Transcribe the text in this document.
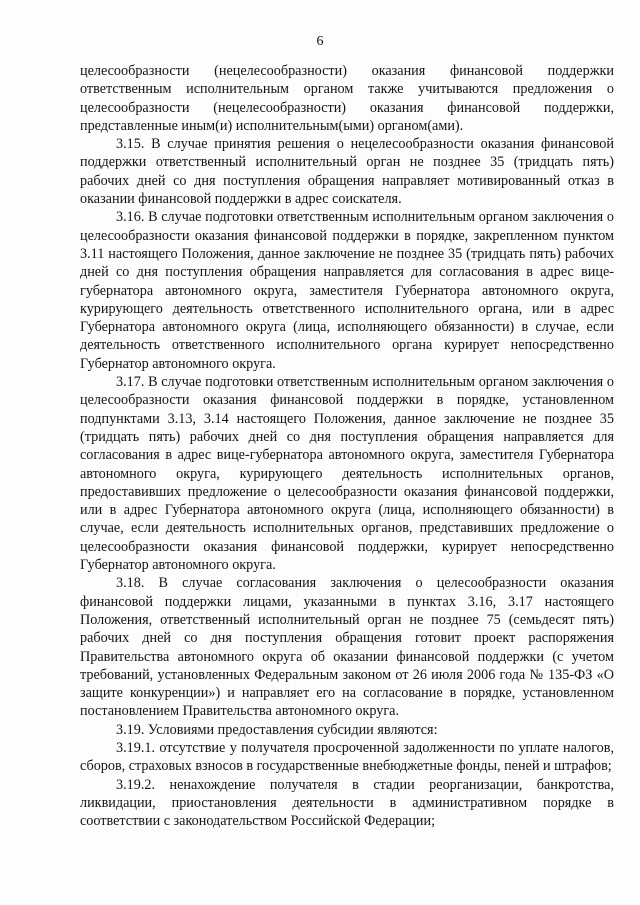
6

целесообразности (нецелесообразности) оказания финансовой поддержки ответственным исполнительным органом также учитываются предложения о целесообразности (нецелесообразности) оказания финансовой поддержки, представленные иным(и) исполнительным(ыми) органом(ами).

3.15. В случае принятия решения о нецелесообразности оказания финансовой поддержки ответственный исполнительный орган не позднее 35 (тридцать пять) рабочих дней со дня поступления обращения направляет мотивированный отказ в оказании финансовой поддержки в адрес соискателя.

3.16. В случае подготовки ответственным исполнительным органом заключения о целесообразности оказания финансовой поддержки в порядке, закрепленном пунктом 3.11 настоящего Положения, данное заключение не позднее 35 (тридцать пять) рабочих дней со дня поступления обращения направляется для согласования в адрес вице-губернатора автономного округа, заместителя Губернатора автономного округа, курирующего деятельность ответственного исполнительного органа, или в адрес Губернатора автономного округа (лица, исполняющего обязанности) в случае, если деятельность ответственного исполнительного органа курирует непосредственно Губернатор автономного округа.

3.17. В случае подготовки ответственным исполнительным органом заключения о целесообразности оказания финансовой поддержки в порядке, установленном подпунктами 3.13, 3.14 настоящего Положения, данное заключение не позднее 35 (тридцать пять) рабочих дней со дня поступления обращения направляется для согласования в адрес вице-губернатора автономного округа, заместителя Губернатора автономного округа, курирующего деятельность исполнительных органов, предоставивших предложение о целесообразности оказания финансовой поддержки, или в адрес Губернатора автономного округа (лица, исполняющего обязанности) в случае, если деятельность исполнительных органов, представивших предложение о целесообразности оказания финансовой поддержки, курирует непосредственно Губернатор автономного округа.

3.18. В случае согласования заключения о целесообразности оказания финансовой поддержки лицами, указанными в пунктах 3.16, 3.17 настоящего Положения, ответственный исполнительный орган не позднее 75 (семьдесят пять) рабочих дней со дня поступления обращения готовит проект распоряжения Правительства автономного округа об оказании финансовой поддержки (с учетом требований, установленных Федеральным законом от 26 июля 2006 года № 135-ФЗ «О защите конкуренции») и направляет его на согласование в порядке, установленном постановлением Правительства автономного округа.

3.19. Условиями предоставления субсидии являются:

3.19.1. отсутствие у получателя просроченной задолженности по уплате налогов, сборов, страховых взносов в государственные внебюджетные фонды, пеней и штрафов;

3.19.2. ненахождение получателя в стадии реорганизации, банкротства, ликвидации, приостановления деятельности в административном порядке в соответствии с законодательством Российской Федерации;
